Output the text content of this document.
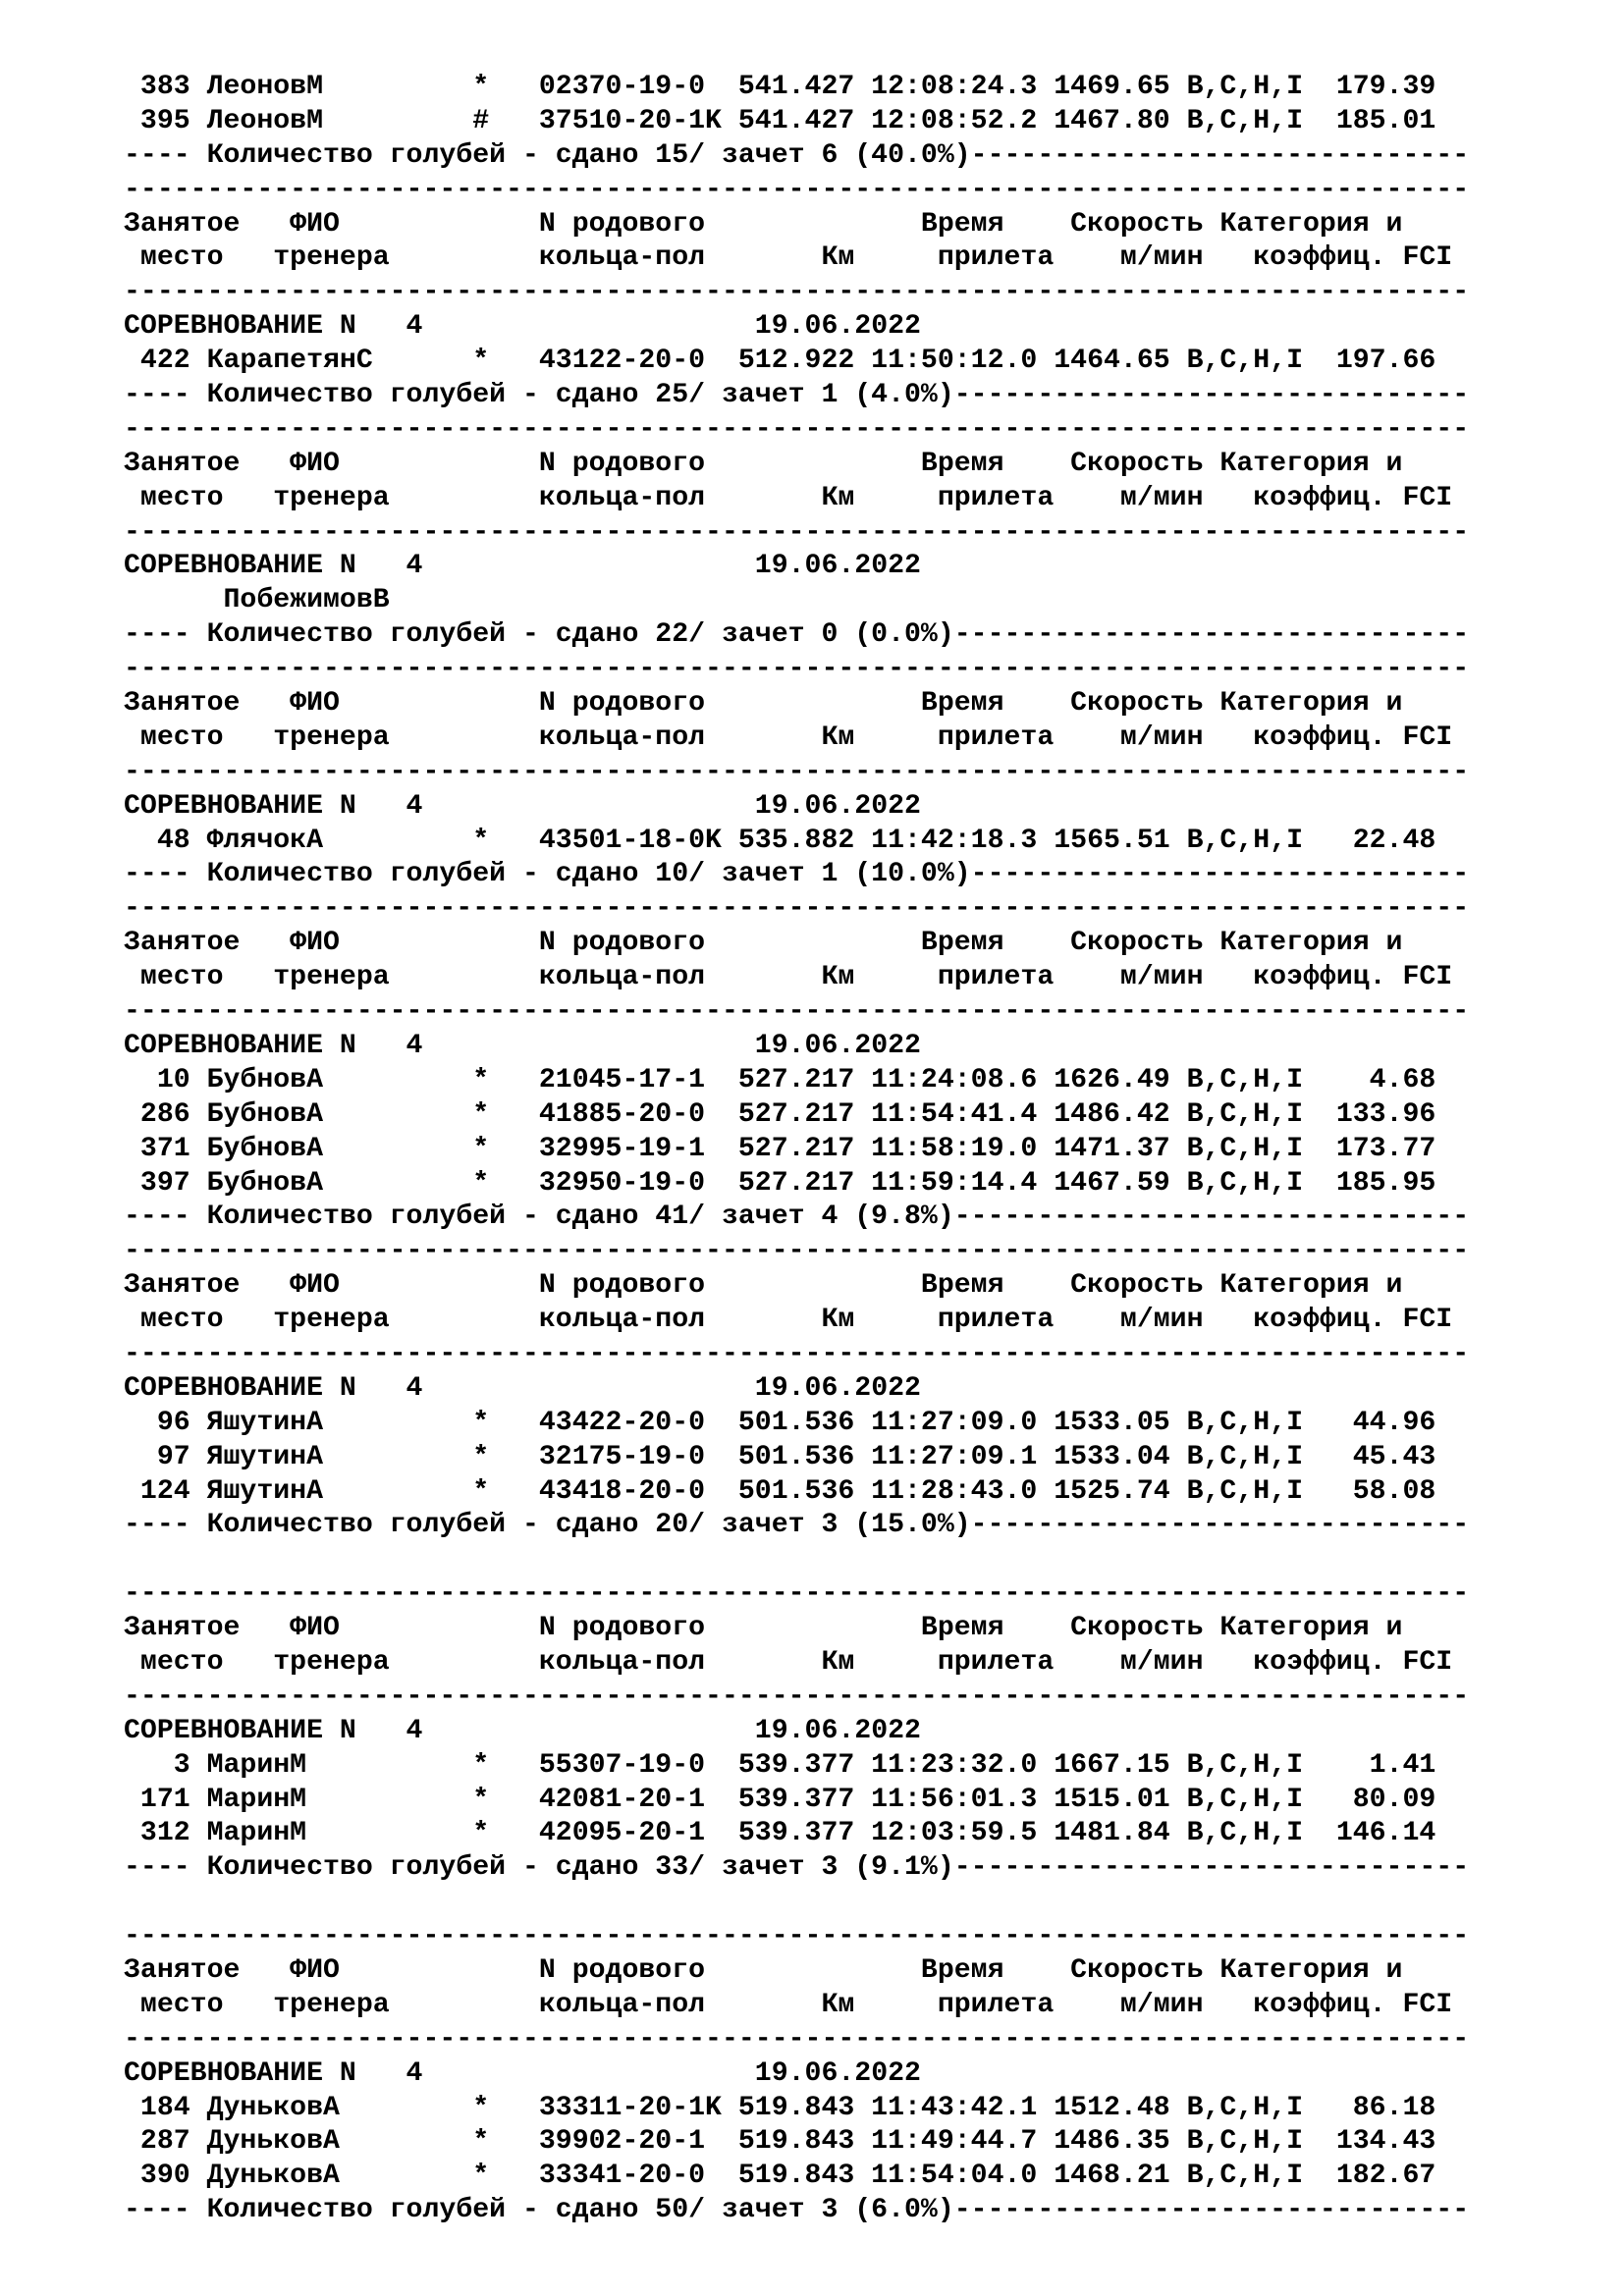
383 ЛеоновМ         *   02370-19-0  541.427 12:08:24.3 1469.65 B,C,H,I  179.39
395 ЛеоновМ         #   37510-20-1K 541.427 12:08:52.2 1467.80 B,C,H,I  185.01
---- Количество голубей - сдано 15/ зачет 6 (40.0%)------------------------------
---------------------------------------------------------------------------------
Занятое   ФИО            N родового             Время    Скорость Категория и
место   тренера         кольца-пол       Км     прилета    м/мин   коэффиц. FCI
---------------------------------------------------------------------------------
СОРЕВНОВАНИЕ N   4	19.06.2022
422 КарапетянС      *   43122-20-0  512.922 11:50:12.0 1464.65 B,C,H,I  197.66
---- Количество голубей - сдано 25/ зачет 1 (4.0%)-------------------------------
---------------------------------------------------------------------------------
Занятое   ФИО            N родового             Время    Скорость Категория и
место   тренера         кольца-пол       Км     прилета    м/мин   коэффиц. FCI
---------------------------------------------------------------------------------
СОРЕВНОВАНИЕ N   4	19.06.2022
ПобежимовВ
---- Количество голубей - сдано 22/ зачет 0 (0.0%)-------------------------------
---------------------------------------------------------------------------------
Занятое   ФИО            N родового             Время    Скорость Категория и
место   тренера         кольца-пол       Км     прилета    м/мин   коэффиц. FCI
---------------------------------------------------------------------------------
СОРЕВНОВАНИЕ N   4	19.06.2022
48 ФлячокА         *   43501-18-0K 535.882 11:42:18.3 1565.51 B,C,H,I   22.48
---- Количество голубей - сдано 10/ зачет 1 (10.0%)------------------------------
---------------------------------------------------------------------------------
Занятое   ФИО            N родового             Время    Скорость Категория и
место   тренера         кольца-пол       Км     прилета    м/мин   коэффиц. FCI
---------------------------------------------------------------------------------
СОРЕВНОВАНИЕ N   4	19.06.2022
10 БубновА         *   21045-17-1  527.217 11:24:08.6 1626.49 B,C,H,I    4.68
286 БубновА         *   41885-20-0  527.217 11:54:41.4 1486.42 B,C,H,I  133.96
371 БубновА         *   32995-19-1  527.217 11:58:19.0 1471.37 B,C,H,I  173.77
397 БубновА         *   32950-19-0  527.217 11:59:14.4 1467.59 B,C,H,I  185.95
---- Количество голубей - сдано 41/ зачет 4 (9.8%)-------------------------------
---------------------------------------------------------------------------------
Занятое   ФИО            N родового             Время    Скорость Категория и
место   тренера         кольца-пол       Км     прилета    м/мин   коэффиц. FCI
---------------------------------------------------------------------------------
СОРЕВНОВАНИЕ N   4	19.06.2022
96 ЯшутинА         *   43422-20-0  501.536 11:27:09.0 1533.05 B,C,H,I   44.96
97 ЯшутинА         *   32175-19-0  501.536 11:27:09.1 1533.04 B,C,H,I   45.43
124 ЯшутинА         *   43418-20-0  501.536 11:28:43.0 1525.74 B,C,H,I   58.08
---- Количество голубей - сдано 20/ зачет 3 (15.0%)------------------------------
---------------------------------------------------------------------------------
Занятое   ФИО            N родового             Время    Скорость Категория и
место   тренера         кольца-пол       Км     прилета    м/мин   коэффиц. FCI
---------------------------------------------------------------------------------
СОРЕВНОВАНИЕ N   4	19.06.2022
3 МаринМ          *   55307-19-0  539.377 11:23:32.0 1667.15 B,C,H,I    1.41
171 МаринМ          *   42081-20-1  539.377 11:56:01.3 1515.01 B,C,H,I   80.09
312 МаринМ          *   42095-20-1  539.377 12:03:59.5 1481.84 B,C,H,I  146.14
---- Количество голубей - сдано 33/ зачет 3 (9.1%)-------------------------------
---------------------------------------------------------------------------------
Занятое   ФИО            N родового             Время    Скорость Категория и
место   тренера         кольца-пол       Км     прилета    м/мин   коэффиц. FCI
---------------------------------------------------------------------------------
СОРЕВНОВАНИЕ N   4	19.06.2022
184 ДуньковА        *   33311-20-1K 519.843 11:43:42.1 1512.48 B,C,H,I   86.18
287 ДуньковА        *   39902-20-1  519.843 11:49:44.7 1486.35 B,C,H,I  134.43
390 ДуньковА        *   33341-20-0  519.843 11:54:04.0 1468.21 B,C,H,I  182.67
---- Количество голубей - сдано 50/ зачет 3 (6.0%)-------------------------------
